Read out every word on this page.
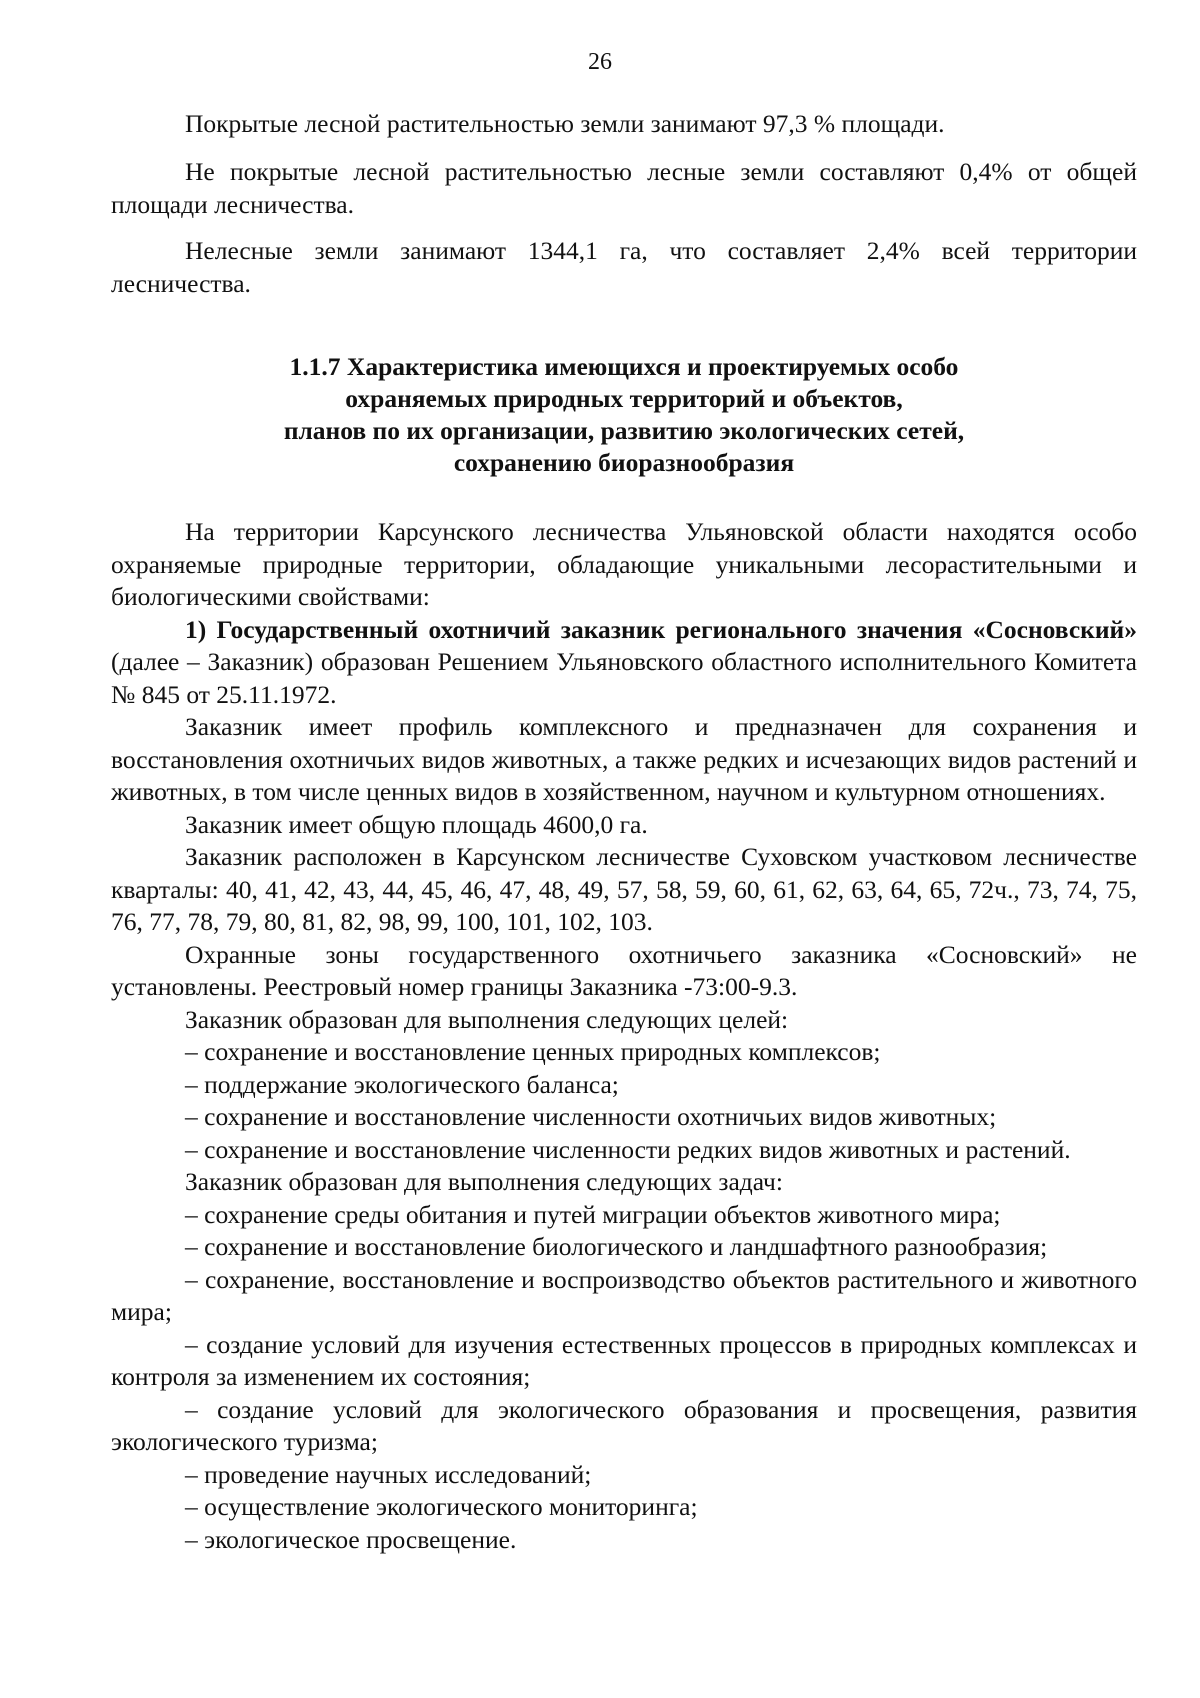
26

Покрытые лесной растительностью земли занимают 97,3 % площади.

Не покрытые лесной растительностью лесные земли составляют 0,4% от общей площади лесничества.

Нелесные земли занимают 1344,1 га, что составляет 2,4% всей территории лесничества.

1.1.7 Характеристика имеющихся и проектируемых особо
охраняемых природных территорий и объектов,
планов по их организации, развитию экологических сетей,
сохранению биоразнообразия

На территории Карсунского лесничества Ульяновской области находятся особо охраняемые природные территории, обладающие уникальными лесорастительными и биологическими свойствами:

1) Государственный охотничий заказник регионального значения «Сосновский» (далее – Заказник) образован Решением Ульяновского областного исполнительного Комитета № 845 от 25.11.1972.

Заказник имеет профиль комплексного и предназначен для сохранения и восстановления охотничьих видов животных, а также редких и исчезающих видов растений и животных, в том числе ценных видов в хозяйственном, научном и культурном отношениях.

Заказник имеет общую площадь 4600,0 га.

Заказник расположен в Карсунском лесничестве Суховском участковом лесничестве кварталы: 40, 41, 42, 43, 44, 45, 46, 47, 48, 49, 57, 58, 59, 60, 61, 62, 63, 64, 65, 72ч., 73, 74, 75, 76, 77, 78, 79, 80, 81, 82, 98, 99, 100, 101, 102, 103.

Охранные зоны государственного охотничьего заказника «Сосновский» не установлены. Реестровый номер границы Заказника -73:00-9.3.

Заказник образован для выполнения следующих целей:

– сохранение и восстановление ценных природных комплексов;

– поддержание экологического баланса;

– сохранение и восстановление численности охотничьих видов животных;

– сохранение и восстановление численности редких видов животных и растений.

Заказник образован для выполнения следующих задач:

– сохранение среды обитания и путей миграции объектов животного мира;

– сохранение и восстановление биологического и ландшафтного разнообразия;

– сохранение, восстановление и воспроизводство объектов растительного и животного мира;

– создание условий для изучения естественных процессов в природных комплексах и контроля за изменением их состояния;

– создание условий для экологического образования и просвещения, развития экологического туризма;

– проведение научных исследований;

– осуществление экологического мониторинга;

– экологическое просвещение.
